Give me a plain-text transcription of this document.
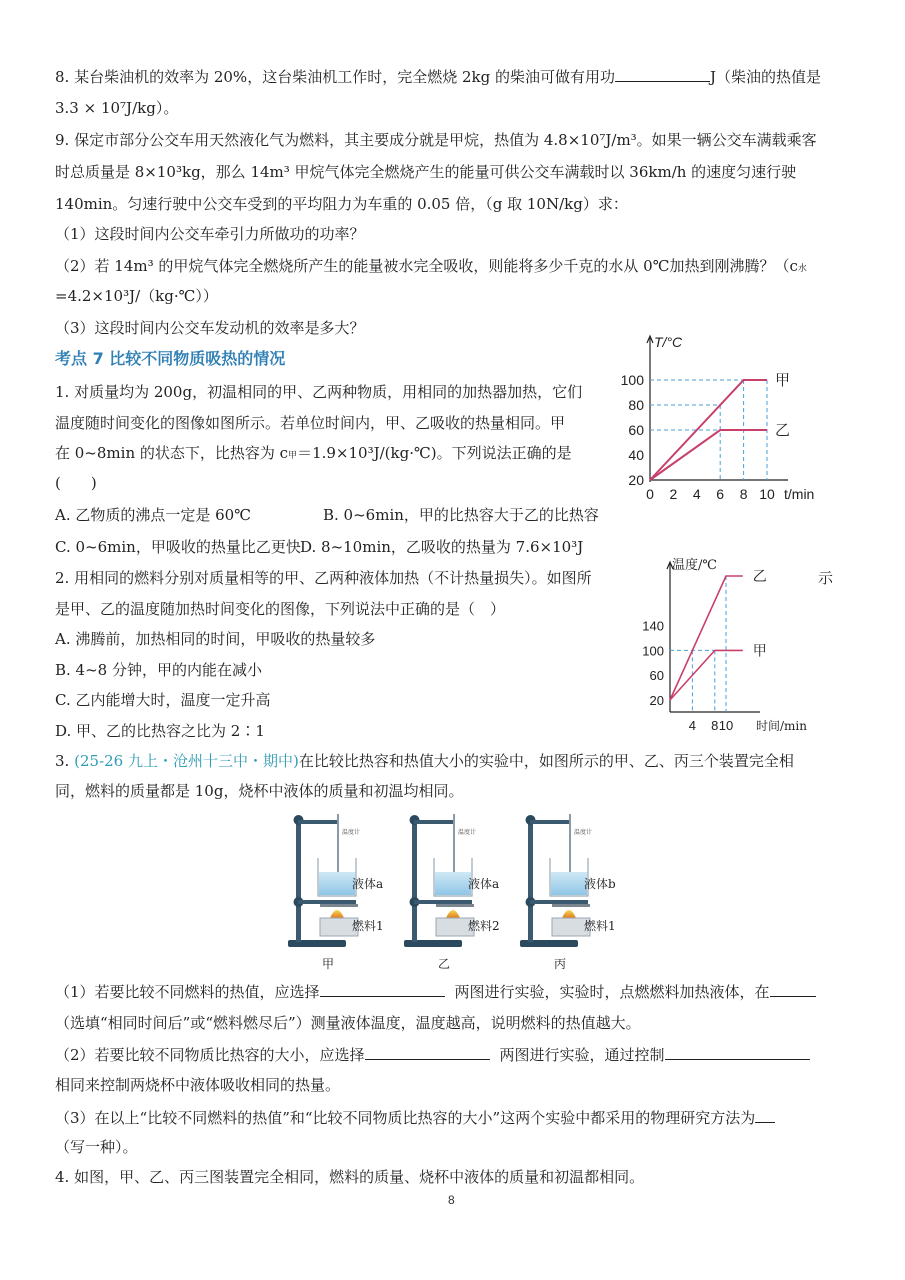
8. 某台柴油机的效率为 20%，这台柴油机工作时，完全燃烧 2kg 的柴油可做有用功	J（柴油的热值是
3.3 × 10⁷J/kg）。
9. 保定市部分公交车用天然液化气为燃料，其主要成分就是甲烷，热值为 4.8×10⁷J/m³。如果一辆公交车满载乘客
时总质量是 8×10³kg，那么 14m³ 甲烷气体完全燃烧产生的能量可供公交车满载时以 36km/h 的速度匀速行驶
140min。匀速行驶中公交车受到的平均阻力为车重的 0.05 倍，（g 取 10N/kg）求：
（1）这段时间内公交车牵引力所做功的功率？
（2）若 14m³ 的甲烷气体完全燃烧所产生的能量被水完全吸收，则能将多少千克的水从 0℃加热到刚沸腾？（c水
=4.2×10³J/（kg·℃））
（3）这段时间内公交车发动机的效率是多大？
考点 7 比较不同物质吸热的情况
1. 对质量均为 200g，初温相同的甲、乙两种物质，用相同的加热器加热，它们
温度随时间变化的图像如图所示。若单位时间内，甲、乙吸收的热量相同。甲
在 0~8min 的状态下，比热容为 c甲＝1.9×10³J/(kg·℃)。下列说法正确的是
(　　)
A. 乙物质的沸点一定是 60℃	B. 0~6min，甲的比热容大于乙的比热容
C. 0~6min，甲吸收的热量比乙更快 D. 8~10min，乙吸收的热量为 7.6×10³J
T/°C
t/min
20
40
60
80
100
0 2 4 6 8 10
甲
乙
2. 用相同的燃料分别对质量相等的甲、乙两种液体加热（不计热量损失）。如图所	示
是甲、乙的温度随加热时间变化的图像，下列说法中正确的是（　）
A. 沸腾前，加热相同的时间，甲吸收的热量较多
B. 4~8 分钟，甲的内能在减小
C. 乙内能增大时，温度一定升高
D. 甲、乙的比热容之比为 2∶1
温度/℃
时间/min
20
60
100
140
4 8 10
乙
甲
3. (25-26 九上・沧州十三中・期中)在比较比热容和热值大小的实验中，如图所示的甲、乙、丙三个装置完全相
同，燃料的质量都是 10g，烧杯中液体的质量和初温均相同。
温度计
液体a
燃料1
甲
温度计
液体a
燃料2
乙
温度计
液体b
燃料1
丙
（1）若要比较不同燃料的热值，应选择	两图进行实验，实验时，点燃燃料加热液体，在
（选填“相同时间后”或“燃料燃尽后”）测量液体温度，温度越高，说明燃料的热值越大。
（2）若要比较不同物质比热容的大小，应选择	两图进行实验，通过控制
相同来控制两烧杯中液体吸收相同的热量。
（3）在以上“比较不同燃料的热值”和“比较不同物质比热容的大小”这两个实验中都采用的物理研究方法为
（写一种）。
4. 如图，甲、乙、丙三图装置完全相同，燃料的质量、烧杯中液体的质量和初温都相同。
8
